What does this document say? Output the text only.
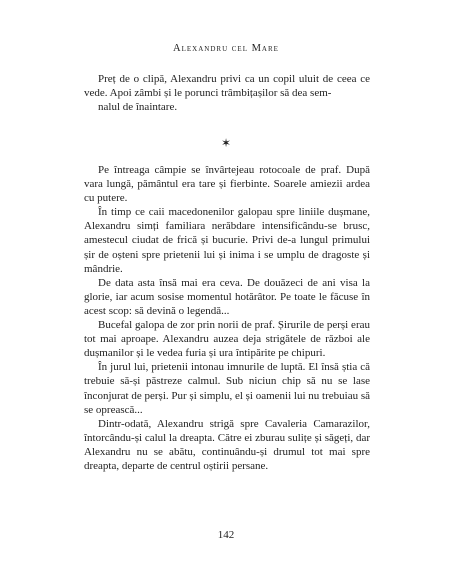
Alexandru cel Mare

Preț de o clipă, Alexandru privi ca un copil uluit de ceea ce vede. Apoi zâmbi și le porunci trâmbițașilor să dea sem-

nalul de înaintare.

✶

Pe întreaga câmpie se învârtejeau rotocoale de praf. După vara lungă, pământul era tare și fierbinte. Soarele amiezii ardea cu putere.

În timp ce caii macedonenilor galopau spre liniile dușmane, Alexandru simți familiara nerăbdare intensificându-se brusc, amestecul ciudat de frică și bucurie. Privi de-a lungul primului șir de oșteni spre prietenii lui și inima i se umplu de dragoste și mândrie.

De data asta însă mai era ceva. De douăzeci de ani visa la glorie, iar acum sosise momentul hotărâtor. Pe toate le făcuse în acest scop: să devină o legendă...

Bucefal galopa de zor prin norii de praf. Șirurile de perși erau tot mai aproape. Alexandru auzea deja strigătele de război ale dușmanilor și le vedea furia și ura întipărite pe chipuri.

În jurul lui, prietenii intonau imnurile de luptă. El însă știa că trebuie să-și păstreze calmul. Sub niciun chip să nu se lase înconjurat de perși. Pur și simplu, el și oamenii lui nu trebuiau să se oprească...

Dintr-odată, Alexandru strigă spre Cavaleria Camarazilor, întorcându-și calul la dreapta. Către ei zburau sulițe și săgeți, dar Alexandru nu se abătu, continuându-și drumul tot mai spre dreapta, departe de centrul oștirii persane.

142
